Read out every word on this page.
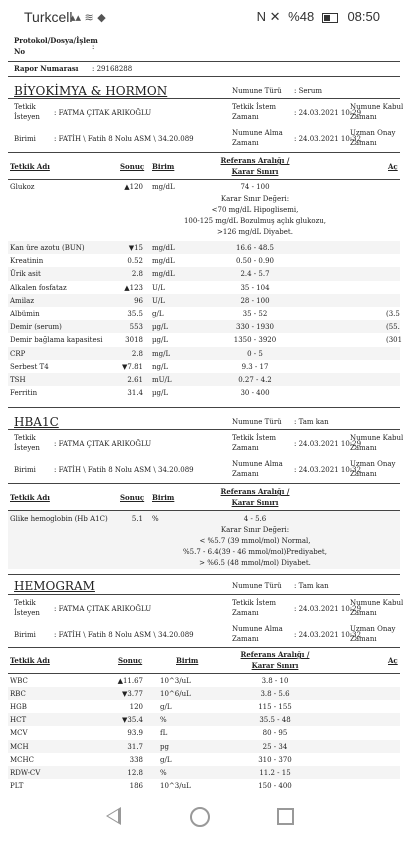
Turkcell
▴▴ ≋ ◆	N ✕ %48	08:50
Protokol/Dosya/İşlem
No	:
Rapor Numarası : 29168288
BİYOKİMYA & HORMON	Numune Türü : Serum
Tetkik
İsteyen : FATMA ÇITAK ARIKOĞLU
Tetkik İstem
Zamanı	: 24.03.2021 10:29
Numune Kabul
Zamanı
Birimi	: FATİH \ Fatih 8 Nolu ASM \ 34.20.089
Numune Alma
Zamanı	: 24.03.2021 10:32
Uzman Onay
Zamanı
Tetkik Adı	Sonuç Birim
Referans Aralığı /
Karar Sınırı
Aç
Glukoz	▲120 mg/dL	74 - 100
Karar Sınır Değeri:
<70 mg/dL Hipoglisemi,
100-125 mg/dL Bozulmuş açlık glukozu,
>126 mg/dL Diyabet.
Kan üre azotu (BUN)	▼15 mg/dL	16.6 - 48.5
Kreatinin	0.52 mg/dL	0.50 - 0.90
Ürik asit	2.8 mg/dL	2.4 - 5.7
Alkalen fosfataz	▲123 U/L	35 - 104
Amilaz	96 U/L	28 - 100
Albümin	35.5 g/L	35 - 52	(3.5
Demir (serum)	553 µg/L	330 - 1930	(55.
Demir bağlama kapasitesi	3018 µg/L	1350 - 3920	(301
CRP	2.8 mg/L	0 - 5
Serbest T4	▼7.81 ng/L	9.3 - 17
TSH	2.61 mU/L	0.27 - 4.2
Ferritin	31.4 µg/L	30 - 400
HBA1C	Numune Türü : Tam kan
Tetkik
İsteyen : FATMA ÇITAK ARIKOĞLU
Tetkik İstem
Zamanı	: 24.03.2021 10:29
Numune Kabul
Zamanı
Birimi	: FATİH \ Fatih 8 Nolu ASM \ 34.20.089
Numune Alma
Zamanı	: 24.03.2021 10:32
Uzman Onay
Zamanı
Tetkik Adı	Sonuç Birim
Referans Aralığı /
Karar Sınırı
Glike hemoglobin (Hb A1C)	5.1 %	4 - 5.6
Karar Sınır Değeri:
< %5.7 (39 mmol/mol) Normal,
%5.7 - 6.4(39 - 46 mmol/mol)Prediyabet,
> %6.5 (48 mmol/mol) Diyabet.
HEMOGRAM	Numune Türü : Tam kan
Tetkik
İsteyen : FATMA ÇITAK ARIKOĞLU
Tetkik İstem
Zamanı	: 24.03.2021 10:29
Numune Kabul
Zamanı
Birimi	: FATİH \ Fatih 8 Nolu ASM \ 34.20.089
Numune Alma
Zamanı	: 24.03.2021 10:32
Uzman Onay
Zamanı
Tetkik Adı	Sonuç	Birim
Referans Aralığı /
Karar Sınırı
Aç
WBC	▲11.67 10^3/uL	3.8 - 10
RBC	▼3.77 10^6/uL	3.8 - 5.6
HGB	120 g/L	115 - 155
HCT	▼35.4 %	35.5 - 48
MCV	93.9 fL	80 - 95
MCH	31.7 pg	25 - 34
MCHC	338 g/L	310 - 370
RDW-CV	12.8 %	11.2 - 15
PLT	186 10^3/uL	150 - 400
